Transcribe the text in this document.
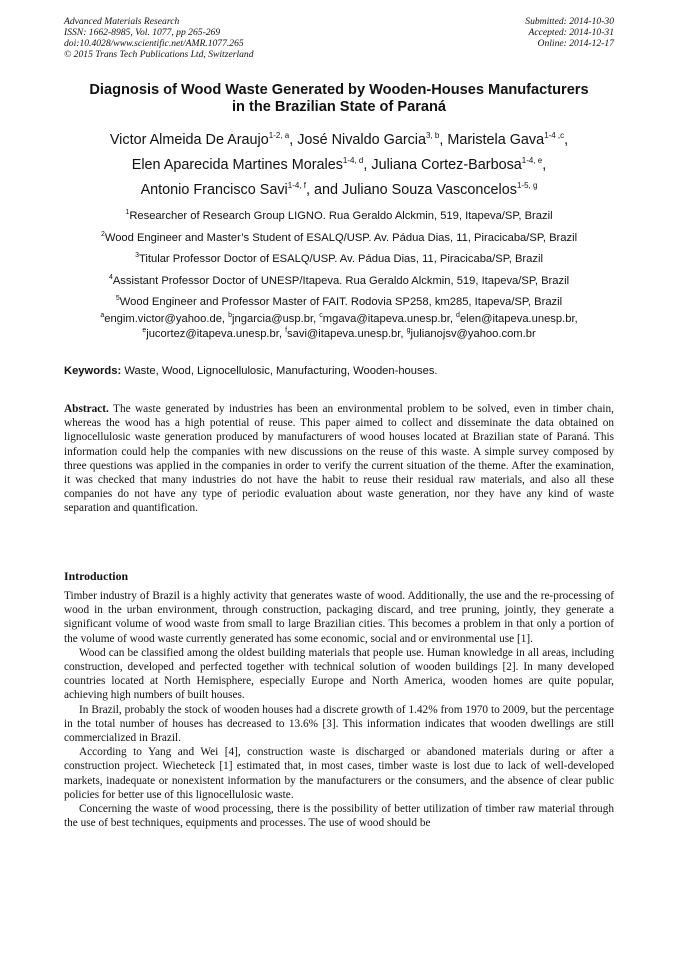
Advanced Materials Research
ISSN: 1662-8985, Vol. 1077, pp 265-269
doi:10.4028/www.scientific.net/AMR.1077.265
© 2015 Trans Tech Publications Ltd, Switzerland
Submitted: 2014-10-30
Accepted: 2014-10-31
Online: 2014-12-17
Diagnosis of Wood Waste Generated by Wooden-Houses Manufacturers
in the Brazilian State of Paraná
Victor Almeida De Araujo$^{1-2, a}$, José Nivaldo Garcia$^{3, b}$, Maristela Gava$^{1-4 ,c}$,
Elen Aparecida Martines Morales$^{1-4, d}$, Juliana Cortez-Barbosa$^{1-4, e}$,
Antonio Francisco Savi$^{1-4, f}$, and Juliano Souza Vasconcelos$^{1-5, g}$
$^1$Researcher of Research Group LIGNO. Rua Geraldo Alckmin, 519, Itapeva/SP, Brazil
$^2$Wood Engineer and Master’s Student of ESALQ/USP. Av. Pádua Dias, 11, Piracicaba/SP, Brazil
$^3$Titular Professor Doctor of ESALQ/USP. Av. Pádua Dias, 11, Piracicaba/SP, Brazil
$^4$Assistant Professor Doctor of UNESP/Itapeva. Rua Geraldo Alckmin, 519, Itapeva/SP, Brazil
$^5$Wood Engineer and Professor Master of FAIT. Rodovia SP258, km285, Itapeva/SP, Brazil
$^a$engim.victor@yahoo.de, $^b$jngarcia@usp.br, $^c$mgava@itapeva.unesp.br, $^d$elen@itapeva.unesp.br,
$^e$jucortez@itapeva.unesp.br, $^f$savi@itapeva.unesp.br, $^g$julianojsv@yahoo.com.br
Keywords: Waste, Wood, Lignocellulosic, Manufacturing, Wooden-houses.
Abstract. The waste generated by industries has been an environmental problem to be solved, even in timber chain, whereas the wood has a high potential of reuse. This paper aimed to collect and disseminate the data obtained on lignocellulosic waste generation produced by manufacturers of wood houses located at Brazilian state of Paraná. This information could help the companies with new discussions on the reuse of this waste. A simple survey composed by three questions was applied in the companies in order to verify the current situation of the theme. After the examination, it was checked that many industries do not have the habit to reuse their residual raw materials, and also all these companies do not have any type of periodic evaluation about waste generation, nor they have any kind of waste separation and quantification.
Introduction

Timber industry of Brazil is a highly activity that generates waste of wood. Additionally, the use and the re-processing of wood in the urban environment, through construction, packaging discard, and tree pruning, jointly, they generate a significant volume of wood waste from small to large Brazilian cities. This becomes a problem in that only a portion of the volume of wood waste currently generated has some economic, social and or environmental use [1].

Wood can be classified among the oldest building materials that people use. Human knowledge in all areas, including construction, developed and perfected together with technical solution of wooden buildings [2]. In many developed countries located at North Hemisphere, especially Europe and North America, wooden homes are quite popular, achieving high numbers of built houses.

In Brazil, probably the stock of wooden houses had a discrete growth of 1.42% from 1970 to 2009, but the percentage in the total number of houses has decreased to 13.6% [3]. This information indicates that wooden dwellings are still commercialized in Brazil.

According to Yang and Wei [4], construction waste is discharged or abandoned materials during or after a construction project. Wiecheteck [1] estimated that, in most cases, timber waste is lost due to lack of well-developed markets, inadequate or nonexistent information by the manufacturers or the consumers, and the absence of clear public policies for better use of this lignocellulosic waste.

Concerning the waste of wood processing, there is the possibility of better utilization of timber raw material through the use of best techniques, equipments and processes. The use of wood should be
